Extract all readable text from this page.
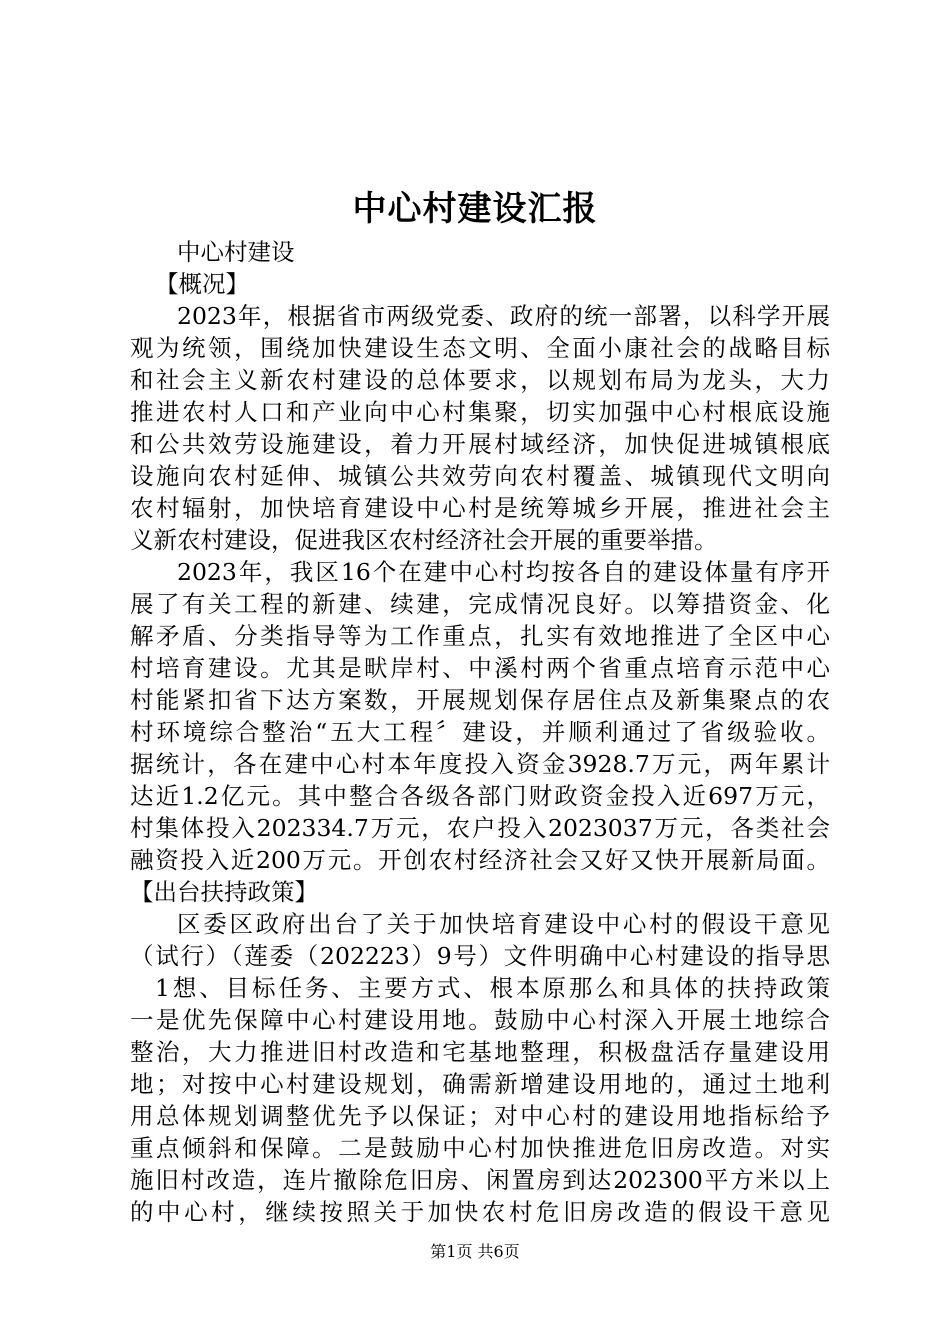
中心村建设汇报
中心村建设
【概况】
2023年，根据省市两级党委、政府的统一部署，以科学开展
观为统领，围绕加快建设生态文明、全面小康社会的战略目标
和社会主义新农村建设的总体要求，以规划布局为龙头，大力
推进农村人口和产业向中心村集聚，切实加强中心村根底设施
和公共效劳设施建设，着力开展村域经济，加快促进城镇根底
设施向农村延伸、城镇公共效劳向农村覆盖、城镇现代文明向
农村辐射，加快培育建设中心村是统筹城乡开展，推进社会主
义新农村建设，促进我区农村经济社会开展的重要举措。
2023年，我区16个在建中心村均按各自的建设体量有序开
展了有关工程的新建、续建，完成情况良好。以筹措资金、化
解矛盾、分类指导等为工作重点，扎实有效地推进了全区中心
村培育建设。尤其是畎岸村、中溪村两个省重点培育示范中心
村能紧扣省下达方案数，开展规划保存居住点及新集聚点的农
村环境综合整治“五大工程〞建设，并顺利通过了省级验收。
据统计，各在建中心村本年度投入资金3928.7万元，两年累计
达近1.2亿元。其中整合各级各部门财政资金投入近697万元，
村集体投入202334.7万元，农户投入2023037万元，各类社会
融资投入近200万元。开创农村经济社会又好又快开展新局面。
【出台扶持政策】
区委区政府出台了关于加快培育建设中心村的假设干意见
（试行）（莲委（202223）9号）文件明确中心村建设的指导思
1想、目标任务、主要方式、根本原那么和具体的扶持政策
一是优先保障中心村建设用地。鼓励中心村深入开展土地综合
整治，大力推进旧村改造和宅基地整理，积极盘活存量建设用
地；对按中心村建设规划，确需新增建设用地的，通过土地利
用总体规划调整优先予以保证；对中心村的建设用地指标给予
重点倾斜和保障。二是鼓励中心村加快推进危旧房改造。对实
施旧村改造，连片撤除危旧房、闲置房到达202300平方米以上
的中心村，继续按照关于加快农村危旧房改造的假设干意见
第1页 共6页
